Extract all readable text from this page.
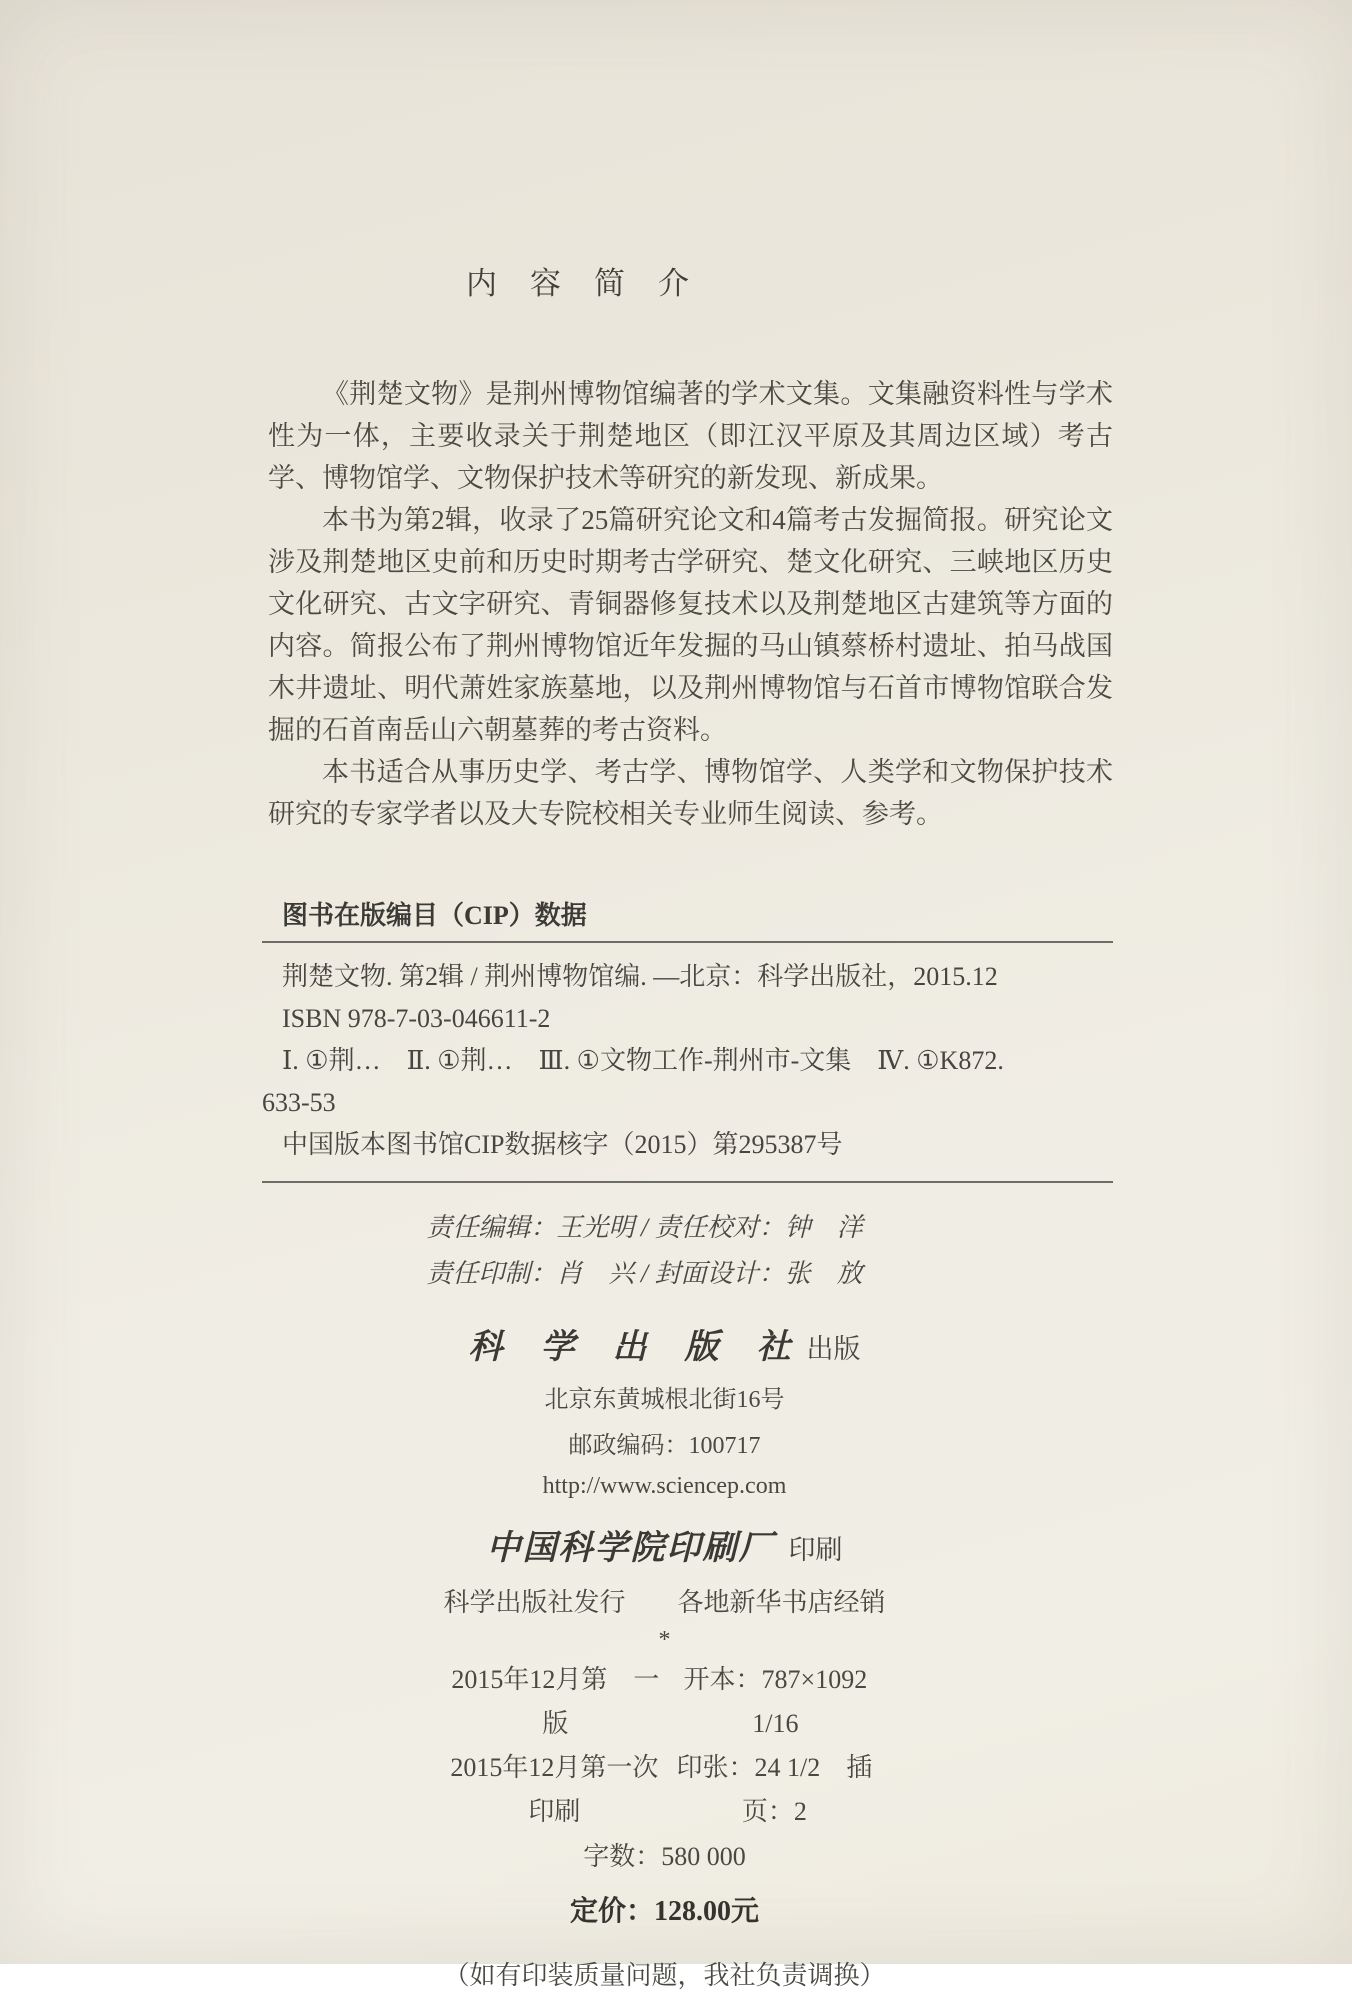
内　容　简　介

《荆楚文物》是荆州博物馆编著的学术文集。文集融资料性与学术性为一体，主要收录关于荆楚地区（即江汉平原及其周边区域）考古学、博物馆学、文物保护技术等研究的新发现、新成果。

本书为第2辑，收录了25篇研究论文和4篇考古发掘简报。研究论文涉及荆楚地区史前和历史时期考古学研究、楚文化研究、三峡地区历史文化研究、古文字研究、青铜器修复技术以及荆楚地区古建筑等方面的内容。简报公布了荆州博物馆近年发掘的马山镇蔡桥村遗址、拍马战国木井遗址、明代萧姓家族墓地，以及荆州博物馆与石首市博物馆联合发掘的石首南岳山六朝墓葬的考古资料。

本书适合从事历史学、考古学、博物馆学、人类学和文物保护技术研究的专家学者以及大专院校相关专业师生阅读、参考。

图书在版编目（CIP）数据

荆楚文物. 第2辑 / 荆州博物馆编. —北京：科学出版社，2015.12

ISBN 978-7-03-046611-2

Ⅰ. ①荆…　Ⅱ. ①荆…　Ⅲ. ①文物工作-荆州市-文集　Ⅳ. ①K872.

633-53

中国版本图书馆CIP数据核字（2015）第295387号

责任编辑：王光明 / 责任校对：钟　洋

责任印制：肖　兴 / 封面设计：张　放

科　学　出　版　社 出版

北京东黄城根北街16号

邮政编码：100717

http://www.sciencep.com

中国科学院印刷厂 印刷

科学出版社发行　　各地新华书店经销

*

2015年12月第　一　版
开本：787×1092　1/16
2015年12月第一次印刷
印张：24 1/2　插页：2

字数：580 000

定价：128.00元

（如有印装质量问题，我社负责调换）
